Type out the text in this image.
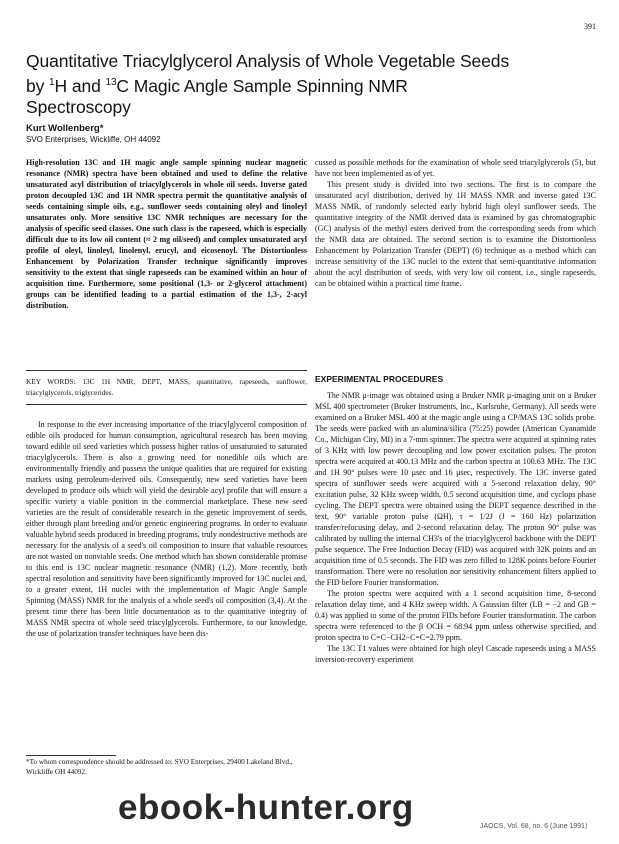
391
Quantitative Triacylglycerol Analysis of Whole Vegetable Seeds
by $^1$H and $^{13}$C Magic Angle Sample Spinning NMR
Spectroscopy
Kurt Wollenberg*
SVO Enterprises, Wickliffe, OH 44092

High-resolution 13C and 1H magic angle sample spinning nuclear magnetic resonance (NMR) spectra have been obtained and used to define the relative unsaturated acyl distribution of triacylglycerols in whole oil seeds. Inverse gated proton decoupled 13C and 1H NMR spectra permit the quantitative analysis of seeds containing simple oils, e.g., sunflower seeds containing oleyl and linoleyl unsaturates only. More sensitive 13C NMR techniques are necessary for the analysis of specific seed classes. One such class is the rapeseed, which is especially difficult due to its low oil content (≈ 2 mg oil/seed) and complex unsaturated acyl profile of oleyl, linoleyl, linolenyl, erucyl, and eicosenoyl. The Distortionless Enhancement by Polarization Transfer technique significantly improves sensitivity to the extent that single rapeseeds can be examined within an hour of acquisition time. Furthermore, some positional (1,3- or 2-glycerol attachment) groups can be identified leading to a partial estimation of the 1,3-, 2-acyl distribution.

KEY WORDS: 13C 1H NMR, DEPT, MASS, quantitative, rapeseeds, sunflower, triacylglycerols, triglycerides.

In response to the ever increasing importance of the triacylglycerol composition of edible oils produced for human consumption, agricultural research has been moving toward edible oil seed varieties which possess higher ratios of unsaturated to saturated triacylglycerols. There is also a growing need for nonedible oils which are environmentally friendly and possess the unique qualities that are required for existing markets using petroleum-derived oils. Consequently, new seed varieties have been developed to produce oils which will yield the desirable acyl profile that will ensure a specific variety a viable position in the commercial marketplace. These new seed varieties are the result of considerable research in the genetic improvement of seeds, either through plant breeding and/or genetic engineering programs. In order to evaluate valuable hybrid seeds produced in breeding programs, truly nondestructive methods are necessary for the analysis of a seed's oil composition to insure that valuable resources are not wasted on nonviable seeds. One method which has shown considerable promise to this end is 13C nuclear magnetic resonance (NMR) (1,2). More recently, both spectral resolution and sensitivity have been significantly improved for 13C nuclei and, to a greater extent, 1H nuclei with the implementation of Magic Angle Sample Spinning (MASS) NMR for the analysis of a whole seed's oil composition (3,4). At the present time there has been little documentation as to the quantitative integrity of MASS NMR spectra of whole seed triacylglycerols. Furthermore, to our knowledge, the use of polarization transfer techniques have been dis-

*To whom correspondence should be addressed to: SVO Enterprises, 29400 Lakeland Blvd., Wickliffe OH 44092.

cussed as possible methods for the examination of whole seed triacylglycerols (5), but have not been implemented as of yet.

This present study is divided into two sections. The first is to compare the unsaturated acyl distribution, derived by 1H MASS NMR and inverse gated 13C MASS NMR, of randomly selected early hybrid high oleyl sunflower seeds. The quantitative integrity of the NMR derived data is examined by gas chromatographic (GC) analysis of the methyl esters derived from the corresponding seeds from which the NMR data are obtained. The second section is to examine the Distortionless Enhancement by Polarization Transfer (DEPT) (6) technique as a method which can increase sensitivity of the 13C nuclei to the extent that semi-quantitative information about the acyl distribution of seeds, with very low oil content, i.e., single rapeseeds, can be obtained within a practical time frame.

EXPERIMENTAL PROCEDURES

The NMR μ-image was obtained using a Bruker NMR μ-imaging unit on a Bruker MSL 400 spectrometer (Bruker Instruments, Inc., Karlsruhe, Germany). All seeds were examined on a Bruker MSL 400 at the magic angle using a CP/MAS 13C solids probe. The seeds were packed with an alumina/silica (75:25) powder (American Cyanamide Co., Michigan City, MI) in a 7-mm spinner. The spectra were acquired at spinning rates of 3 KHz with low power decoupling and low power excitation pulses. The proton spectra were acquired at 400.13 MHz and the carbon spectra at 100.63 MHz. The 13C and 1H 90° pulses were 10 μsec and 16 μsec, respectively. The 13C inverse gated spectra of sunflower seeds were acquired with a 5-second relaxation delay, 90° excitation pulse, 32 KHz sweep width, 0.5 second acquisition time, and cyclops phase cycling. The DEPT spectra were obtained using the DEPT sequence described in the text, 90° variable proton pulse (ΩH), τ = 1/2J (J = 160 Hz) polarization transfer/refocusing delay, and 2-second relaxation delay. The proton 90° pulse was calibrated by nulling the internal CH3's of the triacylglycerol backbone with the DEPT pulse sequence. The Free Induction Decay (FID) was acquired with 32K points and an acquisition time of 0.5 seconds. The FID was zero filled to 128K points before Fourier transformation. There were no resolution nor sensitivity enhancement filters applied to the FID before Fourier transformation.

The proton spectra were acquired with a 1 second acquisition time, 8-second relaxation delay time, and 4 KHz sweep width. A Gaussian filter (LB = −2 and GB = 0.4) was applied to some of the proton FIDs before Fourier transformation. The carbon spectra were referenced to the β OCH = 68.94 ppm unless otherwise specified, and proton spectra to C=C−CH2−C=C=2.79 ppm.

The 13C T1 values were obtained for high oleyl Cascade rapeseeds using a MASS inversion-recovery experiment

JAOCS, Vol. 68, no. 6 (June 1991)
ebook-hunter.org
